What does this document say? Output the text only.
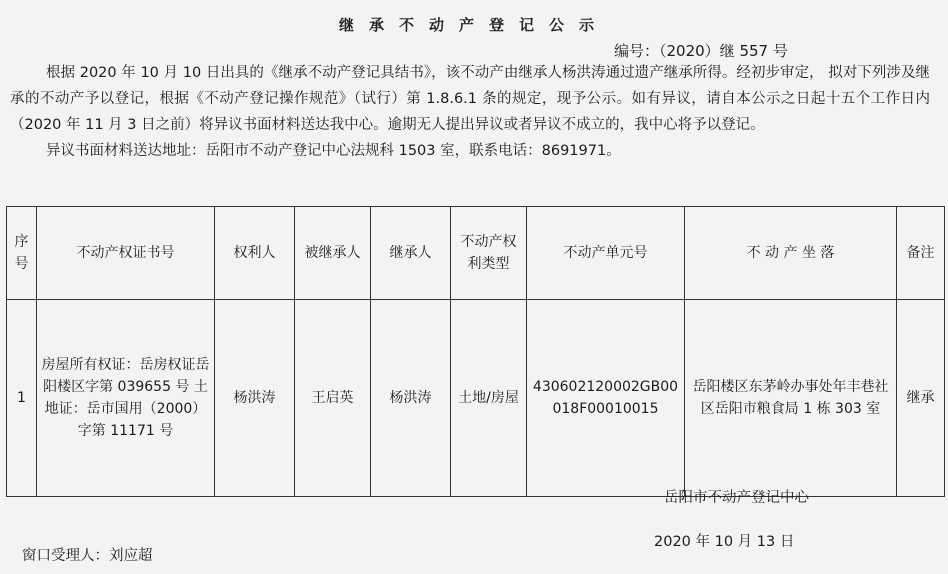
继承不动产登记公示
编号：（2020）继 557 号

根据 2020 年 10 月 10 日出具的《继承不动产登记具结书》，该不动产由继承人杨洪涛通过遗产继承所得。经初步审定， 拟对下列涉及继承的不动产予以登记，根据《不动产登记操作规范》（试行）第 1.8.6.1 条的规定，现予公示。如有异议，请自本公示之日起十五个工作日内（2020 年 11 月 3 日之前）将异议书面材料送达我中心。逾期无人提出异议或者异议不成立的，我中心将予以登记。

异议书面材料送达地址：岳阳市不动产登记中心法规科 1503 室，联系电话：8691971。

序号	不动产权证书号	权利人	被继承人	继承人	不动产权利类型	不动产单元号	不 动 产 坐 落	备注
1	房屋所有权证：岳房权证岳阳楼区字第 039655 号 土地证：岳市国用（2000）字第 11171 号	杨洪涛	王启英	杨洪涛	土地/房屋	430602120002GB00018F00010015	岳阳楼区东茅岭办事处年丰巷社区岳阳市粮食局 1 栋 303 室	继承
岳阳市不动产登记中心
2020 年 10 月 13 日
窗口受理人：刘应超
